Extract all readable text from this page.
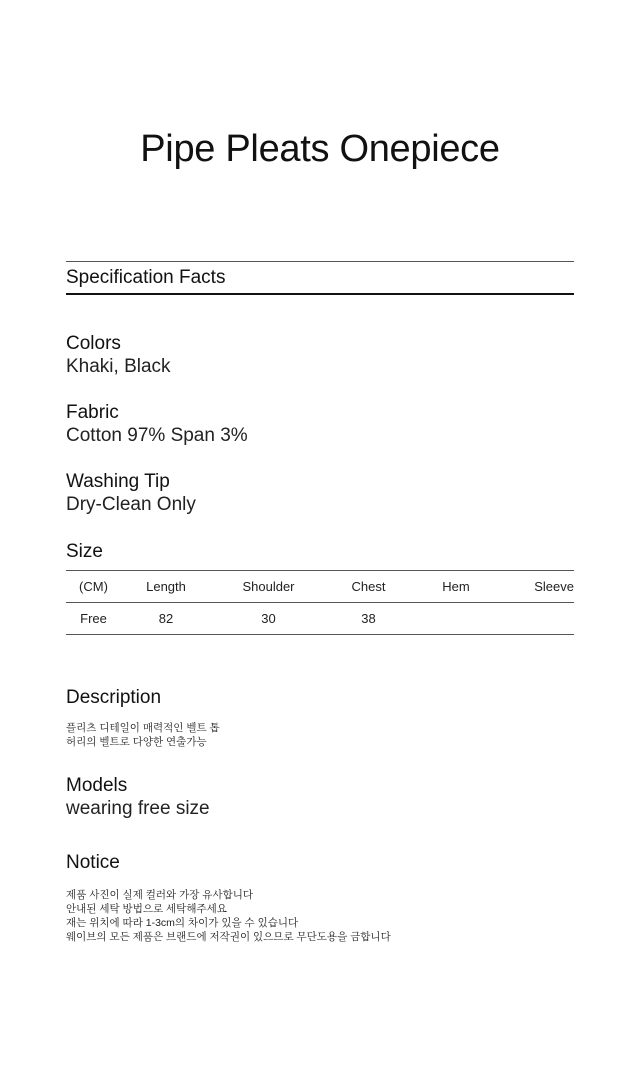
Pipe Pleats Onepiece
Specification Facts
Colors
Khaki, Black
Fabric
Cotton 97% Span 3%
Washing Tip
Dry-Clean Only
Size
(CM)	Length	Shoulder	Chest	Hem	Sleeve
Free	82	30	38		
Description
플리츠 디테일이 매력적인 벨트 톱
허리의 벨트로 다양한 연출가능
Models
wearing free size
Notice
제품 사진이 실제 컬러와 가장 유사합니다
안내된 세탁 방법으로 세탁해주세요
재는 위치에 따라 1-3cm의 차이가 있을 수 있습니다
웨이브의 모든 제품은 브랜드에 저작권이 있으므로 무단도용을 금합니다
